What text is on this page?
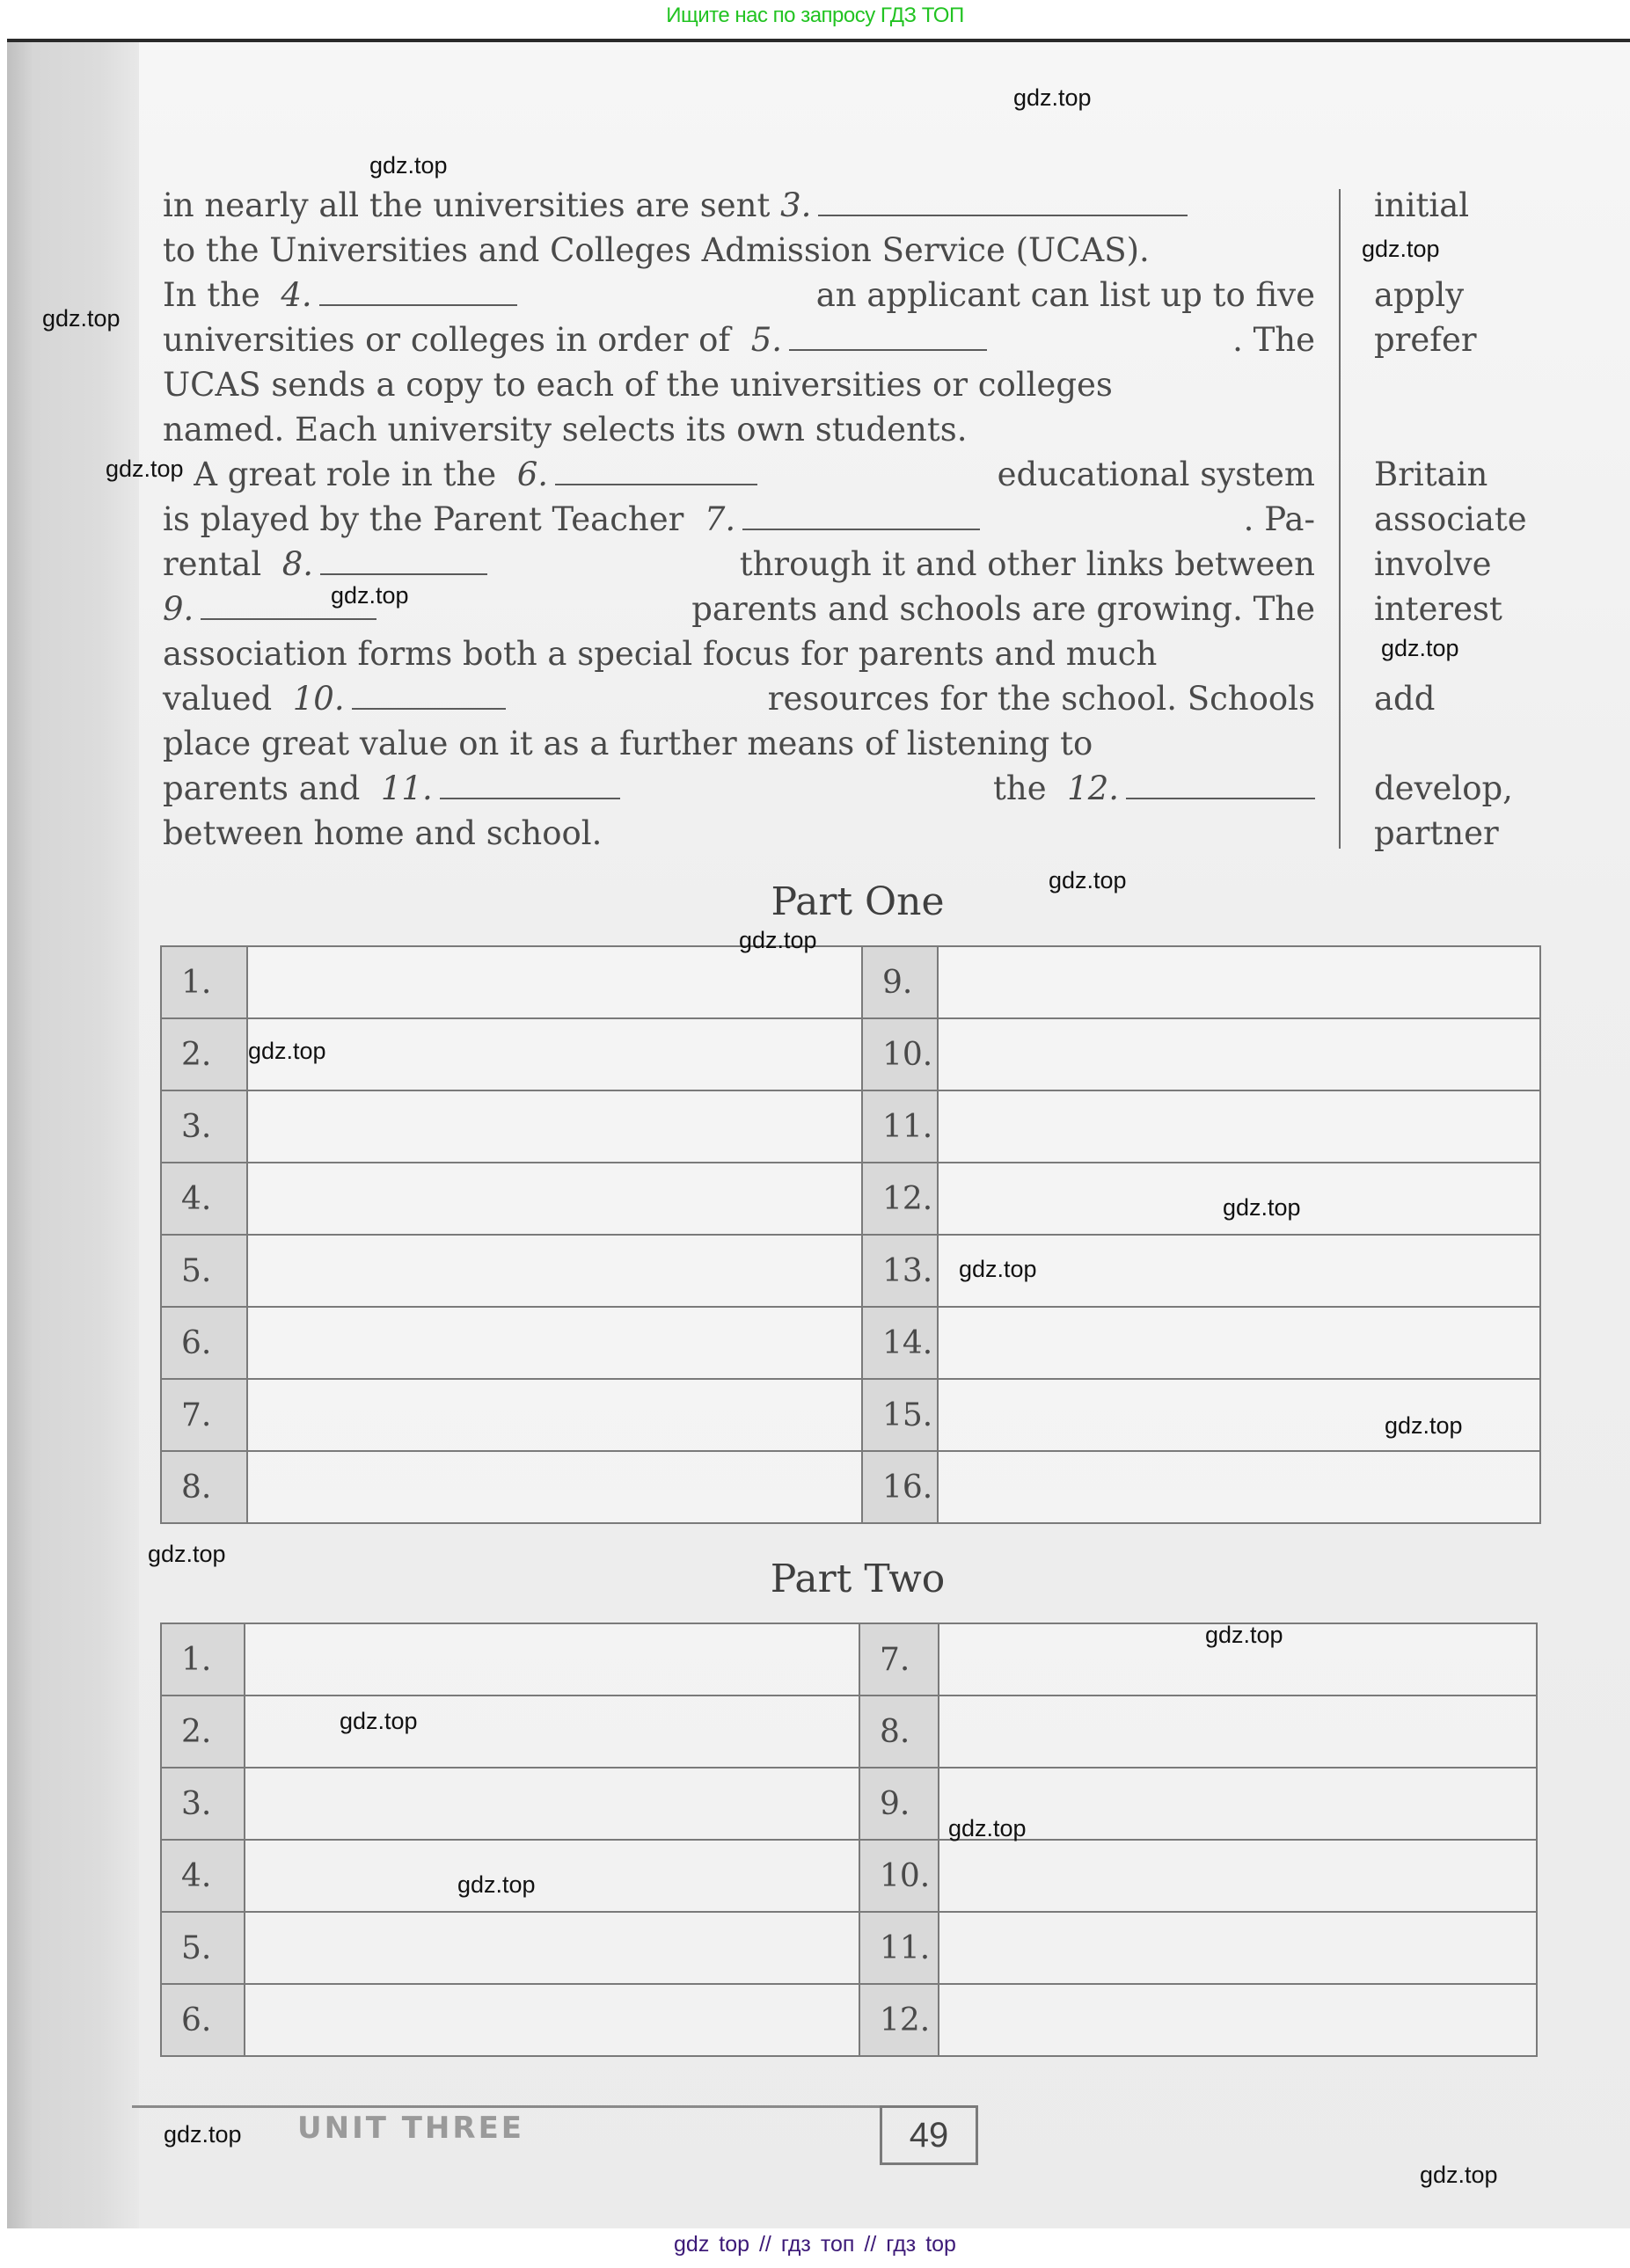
Ищите нас по запросу ГДЗ ТОП
in nearly all the universities are sent
3.
to the Universities and Colleges Admission Service (UCAS).
In the  4.	an applicant can list up to five
universities or colleges in order of  5.	. The
UCAS sends a copy to each of the universities or colleges
named. Each university selects its own students.
A great role in the  6.	educational system
is played by the Parent Teacher  7.	. Pa-
rental  8.	through it and other links between
9.	parents and schools are growing. The
association forms both a special focus for parents and much
valued  10.	resources for the school. Schools
place great value on it as a further means of listening to
parents and  11.	the  12.
between home and school.
initial
apply
prefer
Britain
associate
involve
interest
add
develop,
partner
Part One
1.		9.	
2.		10.	
3.		11.	
4.		12.	
5.		13.	
6.		14.	
7.		15.	
8.		16.	
Part Two
1.		7.	
2.		8.	
3.		9.	
4.		10.	
5.		11.	
6.		12.	
UNIT THREE	49
gdz.top
gdz.top
gdz.top
gdz.top
gdz.top
gdz.top
gdz.top
gdz.top
gdz.top
gdz.top
gdz.top
gdz.top
gdz.top
gdz.top
gdz.top
gdz.top
gdz.top
gdz.top
gdz.top
gdz.top
gdz top // гдз топ // гдз top
